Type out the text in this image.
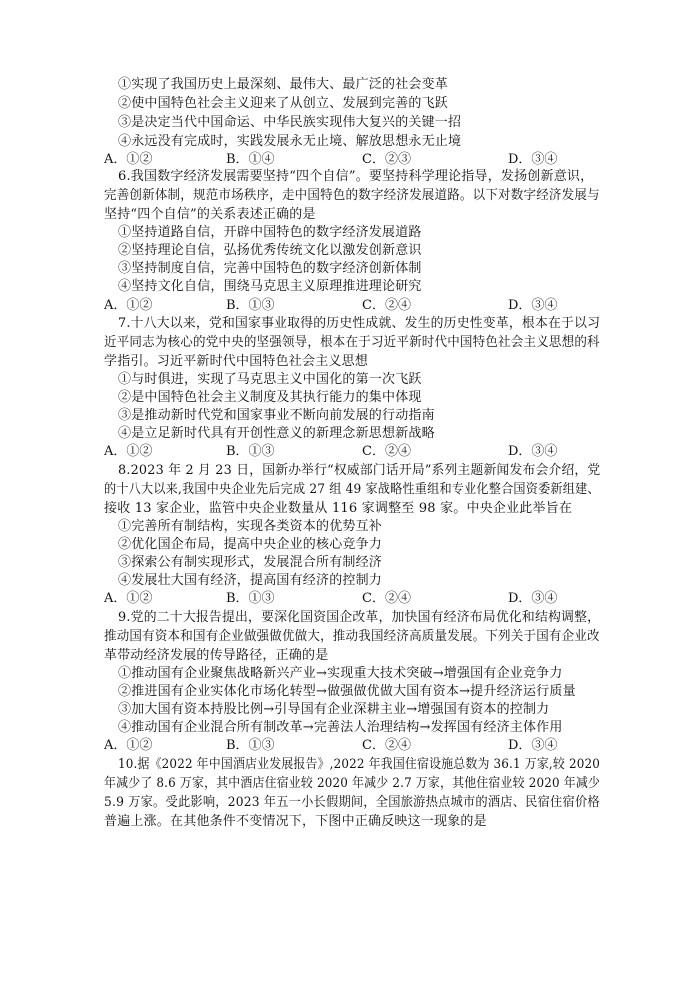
①实现了我国历史上最深刻、最伟大、最广泛的社会变革
②使中国特色社会主义迎来了从创立、发展到完善的飞跃
③是决定当代中国命运、中华民族实现伟大复兴的关键一招
④永远没有完成时，实践发展永无止境、解放思想永无止境
A．①②	B．①④	C．②③	D．③④
6.我国数字经济发展需要坚持“四个自信”。要坚持科学理论指导，发扬创新意识，
完善创新体制，规范市场秩序，走中国特色的数字经济发展道路。以下对数字经济发展与
坚持“四个自信”的关系表述正确的是
①坚持道路自信，开辟中国特色的数字经济发展道路
②坚持理论自信，弘扬优秀传统文化以激发创新意识
③坚持制度自信，完善中国特色的数字经济创新体制
④坚持文化自信，围绕马克思主义原理推进理论研究
A．①②	B．①③	C．②④	D．③④
7.十八大以来，党和国家事业取得的历史性成就、发生的历史性变革，根本在于以习
近平同志为核心的党中央的坚强领导，根本在于习近平新时代中国特色社会主义思想的科
学指引。习近平新时代中国特色社会主义思想
①与时俱进，实现了马克思主义中国化的第一次飞跃
②是中国特色社会主义制度及其执行能力的集中体现
③是推动新时代党和国家事业不断向前发展的行动指南
④是立足新时代具有开创性意义的新理念新思想新战略
A．①②	B．①③	C．②④	D．③④
8.2023 年 2 月 23 日，国新办举行“权威部门话开局”系列主题新闻发布会介绍，党
的十八大以来,我国中央企业先后完成 27 组 49 家战略性重组和专业化整合国资委新组建、
接收 13 家企业，监管中央企业数量从 116 家调整至 98 家。中央企业此举旨在
①完善所有制结构，实现各类资本的优势互补
②优化国企布局，提高中央企业的核心竞争力
③探索公有制实现形式，发展混合所有制经济
④发展壮大国有经济，提高国有经济的控制力
A．①②	B．①③	C．②④	D．③④
9.党的二十大报告提出，要深化国资国企改革，加快国有经济布局优化和结构调整，
推动国有资本和国有企业做强做优做大，推动我国经济高质量发展。下列关于国有企业改
革带动经济发展的传导路径，正确的是
①推动国有企业聚焦战略新兴产业→实现重大技术突破→增强国有企业竞争力
②推进国有企业实体化市场化转型→做强做优做大国有资本→提升经济运行质量
③加大国有资本持股比例→引导国有企业深耕主业→增强国有资本的控制力
④推动国有企业混合所有制改革→完善法人治理结构→发挥国有经济主体作用
A．①②	B．①③	C．②④	D．③④
10.据《2022 年中国酒店业发展报告》,2022 年我国住宿设施总数为 36.1 万家,较 2020
年减少了 8.6 万家，其中酒店住宿业较 2020 年减少 2.7 万家，其他住宿业较 2020 年减少
5.9 万家。受此影响，2023 年五一小长假期间，全国旅游热点城市的酒店、民宿住宿价格
普遍上涨。在其他条件不变情况下，下图中正确反映这一现象的是
